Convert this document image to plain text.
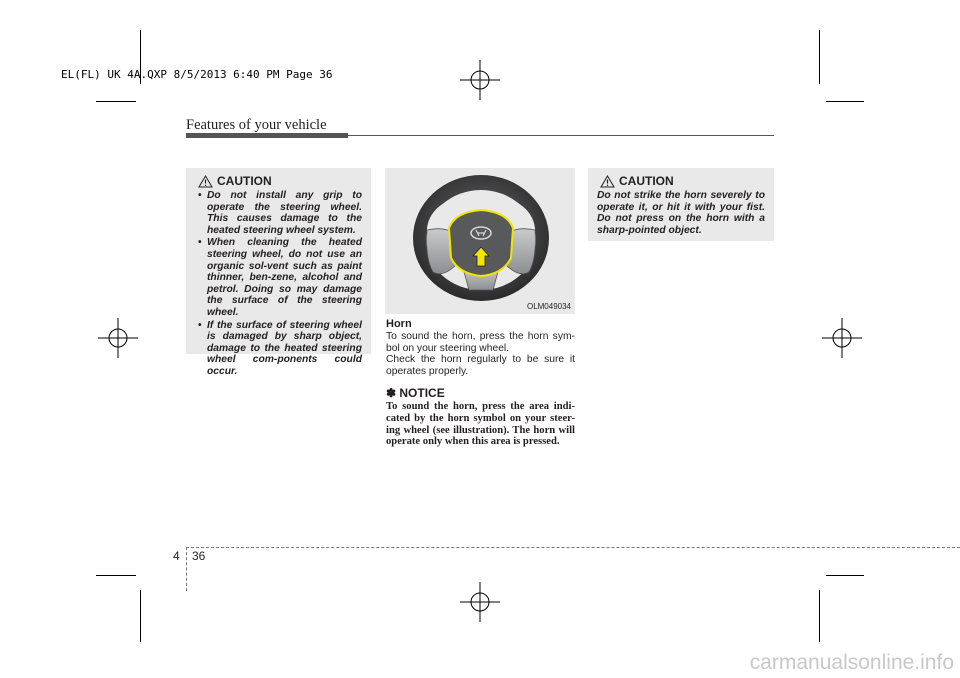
EL(FL) UK 4A.QXP 8/5/2013 6:40 PM Page 36
Features of your vehicle
CAUTION
• Do not install any grip to operate the steering wheel. This causes damage to the heated steering wheel system.
• When cleaning the heated steering wheel, do not use an organic sol-vent such as paint thinner, ben-zene, alcohol and petrol. Doing so may damage the surface of the steering wheel.
• If the surface of steering wheel is damaged by sharp object, damage to the heated steering wheel com-ponents could occur.
OLM049034
Horn

To sound the horn, press the horn sym-bol on your steering wheel.

Check the horn regularly to be sure it operates properly.

✽ NOTICE

To sound the horn, press the area indi-cated by the horn symbol on your steer-ing wheel (see illustration). The horn will operate only when this area is pressed.

CAUTION

Do not strike the horn severely to operate it, or hit it with your fist. Do not press on the horn with a sharp-pointed object.

4 36
carmanualsonline.info
